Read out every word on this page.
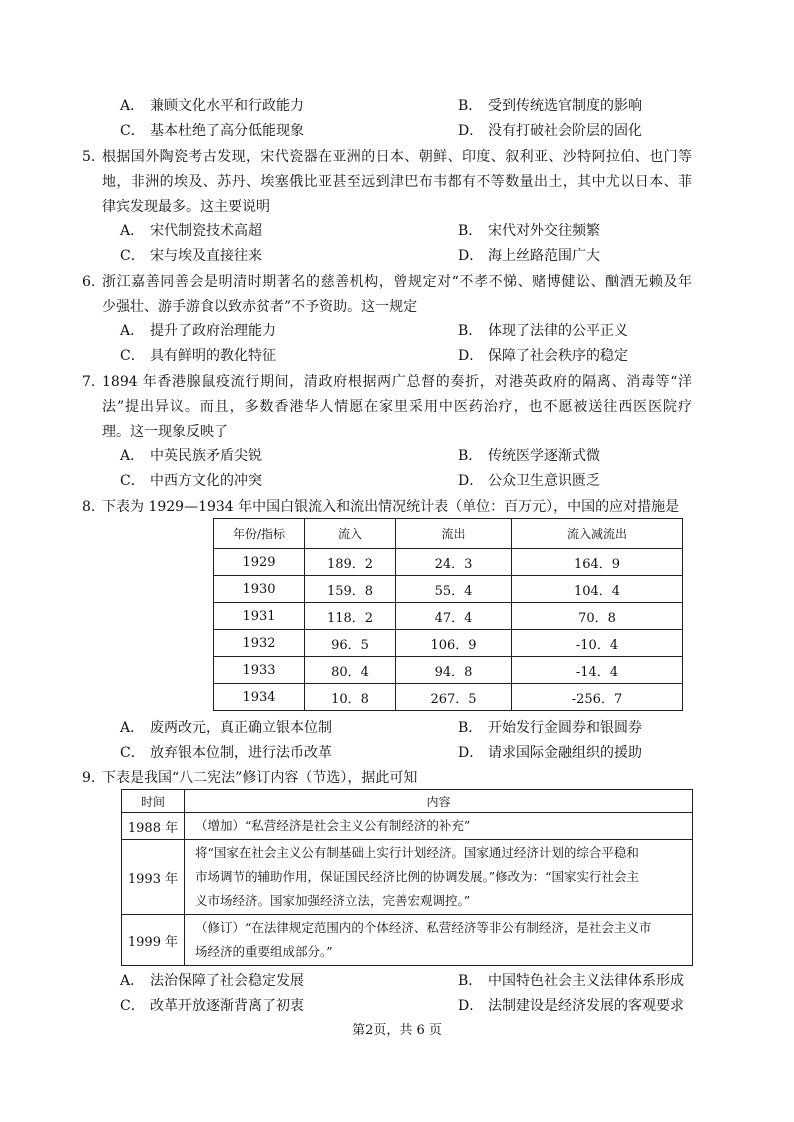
A． 兼顾文化水平和行政能力	B． 受到传统选官制度的影响
C． 基本杜绝了高分低能现象	D． 没有打破社会阶层的固化
5. 根据国外陶瓷考古发现，宋代瓷器在亚洲的日本、朝鲜、印度、叙利亚、沙特阿拉伯、也门等
地，非洲的埃及、苏丹、埃塞俄比亚甚至远到津巴布韦都有不等数量出土，其中尤以日本、菲
律宾发现最多。这主要说明
A． 宋代制瓷技术高超	B． 宋代对外交往频繁
C． 宋与埃及直接往来	D． 海上丝路范围广大
6. 浙江嘉善同善会是明清时期著名的慈善机构，曾规定对“不孝不悌、赌博健讼、酗酒无赖及年
少强壮、游手游食以致赤贫者”不予资助。这一规定
A． 提升了政府治理能力	B． 体现了法律的公平正义
C． 具有鲜明的教化特征	D． 保障了社会秩序的稳定
7. 1894 年香港腺鼠疫流行期间，清政府根据两广总督的奏折，对港英政府的隔离、消毒等“洋
法”提出异议。而且，多数香港华人情愿在家里采用中医药治疗，也不愿被送往西医医院疗
理。这一现象反映了
A． 中英民族矛盾尖锐	B． 传统医学逐渐式微
C． 中西方文化的冲突	D． 公众卫生意识匮乏
8. 下表为 1929—1934 年中国白银流入和流出情况统计表（单位：百万元），中国的应对措施是
年份/指标	流入	流出	流入减流出
1929	189．2	24．3	164．9
1930	159．8	55．4	104．4
1931	118．2	47．4	70．8
1932	96．5	106．9	-10．4
1933	80．4	94．8	-14．4
1934	10．8	267．5	-256．7
A． 废两改元，真正确立银本位制	B． 开始发行金圆券和银圆券
C． 放弃银本位制，进行法币改革	D． 请求国际金融组织的援助
9. 下表是我国“八二宪法”修订内容（节选），据此可知
时间	内容
1988 年	（增加）“私营经济是社会主义公有制经济的补充”

1993 年	将“国家在社会主义公有制基础上实行计划经济。国家通过经济计划的综合平稳和
市场调节的辅助作用，保证国民经济比例的协调发展。”修改为：“国家实行社会主
义市场经济。国家加强经济立法，完善宏观调控。”

1999 年	（修订）“在法律规定范围内的个体经济、私营经济等非公有制经济，是社会主义市
场经济的重要组成部分。”
A． 法治保障了社会稳定发展	B． 中国特色社会主义法律体系形成
C． 改革开放逐渐背离了初衷	D． 法制建设是经济发展的客观要求
第2页，共 6 页
